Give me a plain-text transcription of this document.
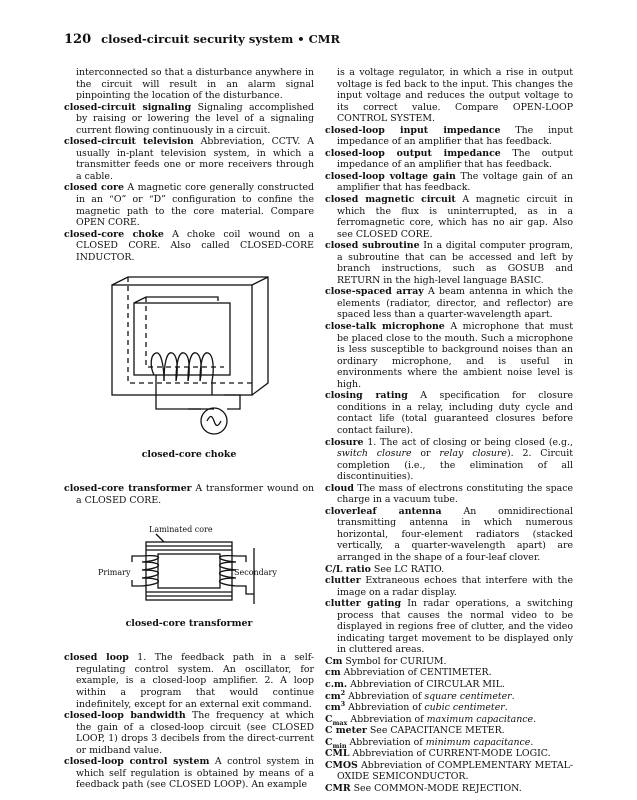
120 closed-circuit security system • CMR

interconnected so that a disturbance anywhere in the circuit will result in an alarm signal pinpointing the location of the disturbance.

closed-circuit signaling Signaling accomplished by raising or lowering the level of a signaling current flowing continuously in a circuit.

closed-circuit television Abbreviation, CCTV. A usually in-plant television system, in which a transmitter feeds one or more receivers through a cable.

closed core A magnetic core generally constructed in an “O” or “D” configuration to confine the magnetic path to the core material. Compare OPEN CORE.

closed-core choke A choke coil wound on a CLOSED CORE. Also called CLOSED-CORE INDUCTOR.

closed-core choke

closed-core transformer A transformer wound on a CLOSED CORE.

Laminated core
Primary	Secondary
closed-core transformer

closed loop 1. The feedback path in a self-regulating control system. An oscillator, for example, is a closed-loop amplifier. 2. A loop within a program that would continue indefinitely, except for an external exit command.

closed-loop bandwidth The frequency at which the gain of a closed-loop circuit (see CLOSED LOOP, 1) drops 3 decibels from the direct-current or midband value.

closed-loop control system A control system in which self regulation is obtained by means of a feedback path (see CLOSED LOOP). An example

is a voltage regulator, in which a rise in output voltage is fed back to the input. This changes the input voltage and reduces the output voltage to its correct value. Compare OPEN-LOOP CONTROL SYSTEM.

closed-loop input impedance The input impedance of an amplifier that has feedback.

closed-loop output impedance The output impedance of an amplifier that has feedback.

closed-loop voltage gain The voltage gain of an amplifier that has feedback.

closed magnetic circuit A magnetic circuit in which the flux is uninterrupted, as in a ferromagnetic core, which has no air gap. Also see CLOSED CORE.

closed subroutine In a digital computer program, a subroutine that can be accessed and left by branch instructions, such as GOSUB and RETURN in the high-level language BASIC.

close-spaced array A beam antenna in which the elements (radiator, director, and reflector) are spaced less than a quarter-wavelength apart.

close-talk microphone A microphone that must be placed close to the mouth. Such a microphone is less susceptible to background noises than an ordinary microphone, and is useful in environments where the ambient noise level is high.

closing rating A specification for closure conditions in a relay, including duty cycle and contact life (total guaranteed closures before contact failure).

closure 1. The act of closing or being closed (e.g., switch closure or relay closure). 2. Circuit completion (i.e., the elimination of all discontinuities).

cloud The mass of electrons constituting the space charge in a vacuum tube.

cloverleaf antenna An omnidirectional transmitting antenna in which numerous horizontal, four-element radiators (stacked vertically, a quarter-wavelength apart) are arranged in the shape of a four-leaf clover.

C/L ratio See LC RATIO.

clutter Extraneous echoes that interfere with the image on a radar display.

clutter gating In radar operations, a switching process that causes the normal video to be displayed in regions free of clutter, and the video indicating target movement to be displayed only in cluttered areas.

Cm Symbol for CURIUM.

cm Abbreviation of CENTIMETER.

c.m. Abbreviation of CIRCULAR MIL.

$cm^2$ Abbreviation of square centimeter.

$cm^3$ Abbreviation of cubic centimeter.

$C_{max}$ Abbreviation of maximum capacitance.

C meter See CAPACITANCE METER.

$C_{min}$ Abbreviation of minimum capacitance.

CML Abbreviation of CURRENT-MODE LOGIC.

CMOS Abbreviation of COMPLEMENTARY METAL-OXIDE SEMICONDUCTOR.

CMR See COMMON-MODE REJECTION.
